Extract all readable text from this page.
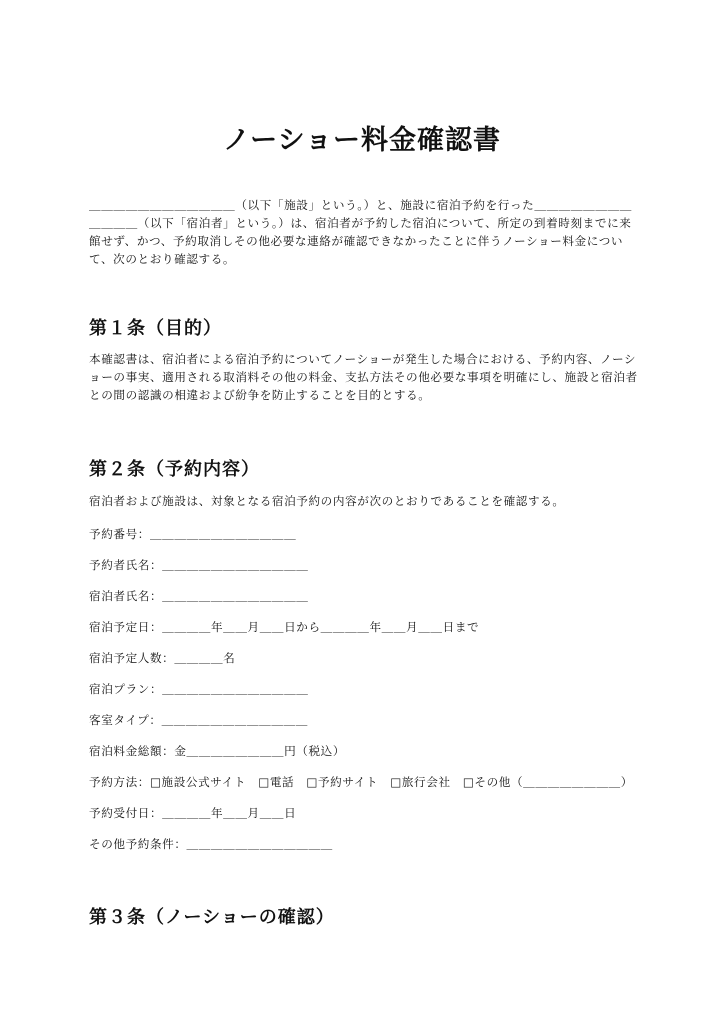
ノーショー料金確認書

＿＿＿＿＿＿＿＿＿＿＿＿（以下「施設」という。）と、施設に宿泊予約を行った＿＿＿＿＿＿＿＿＿＿＿＿（以下「宿泊者」という。）は、宿泊者が予約した宿泊について、所定の到着時刻までに来館せず、かつ、予約取消しその他必要な連絡が確認できなかったことに伴うノーショー料金について、次のとおり確認する。

第１条（目的）

本確認書は、宿泊者による宿泊予約についてノーショーが発生した場合における、予約内容、ノーショーの事実、適用される取消料その他の料金、支払方法その他必要な事項を明確にし、施設と宿泊者との間の認識の相違および紛争を防止することを目的とする。

第２条（予約内容）

宿泊者および施設は、対象となる宿泊予約の内容が次のとおりであることを確認する。

予約番号：＿＿＿＿＿＿＿＿＿＿＿＿
予約者氏名：＿＿＿＿＿＿＿＿＿＿＿＿
宿泊者氏名：＿＿＿＿＿＿＿＿＿＿＿＿
宿泊予定日：＿＿＿＿年＿＿月＿＿日から＿＿＿＿年＿＿月＿＿日まで
宿泊予定人数：＿＿＿＿名
宿泊プラン：＿＿＿＿＿＿＿＿＿＿＿＿
客室タイプ：＿＿＿＿＿＿＿＿＿＿＿＿
宿泊料金総額：金＿＿＿＿＿＿＿＿円（税込）
予約方法：□施設公式サイト　□電話　□予約サイト　□旅行会社　□その他（＿＿＿＿＿＿＿＿）
予約受付日：＿＿＿＿年＿＿月＿＿日
その他予約条件：＿＿＿＿＿＿＿＿＿＿＿＿
第３条（ノーショーの確認）
